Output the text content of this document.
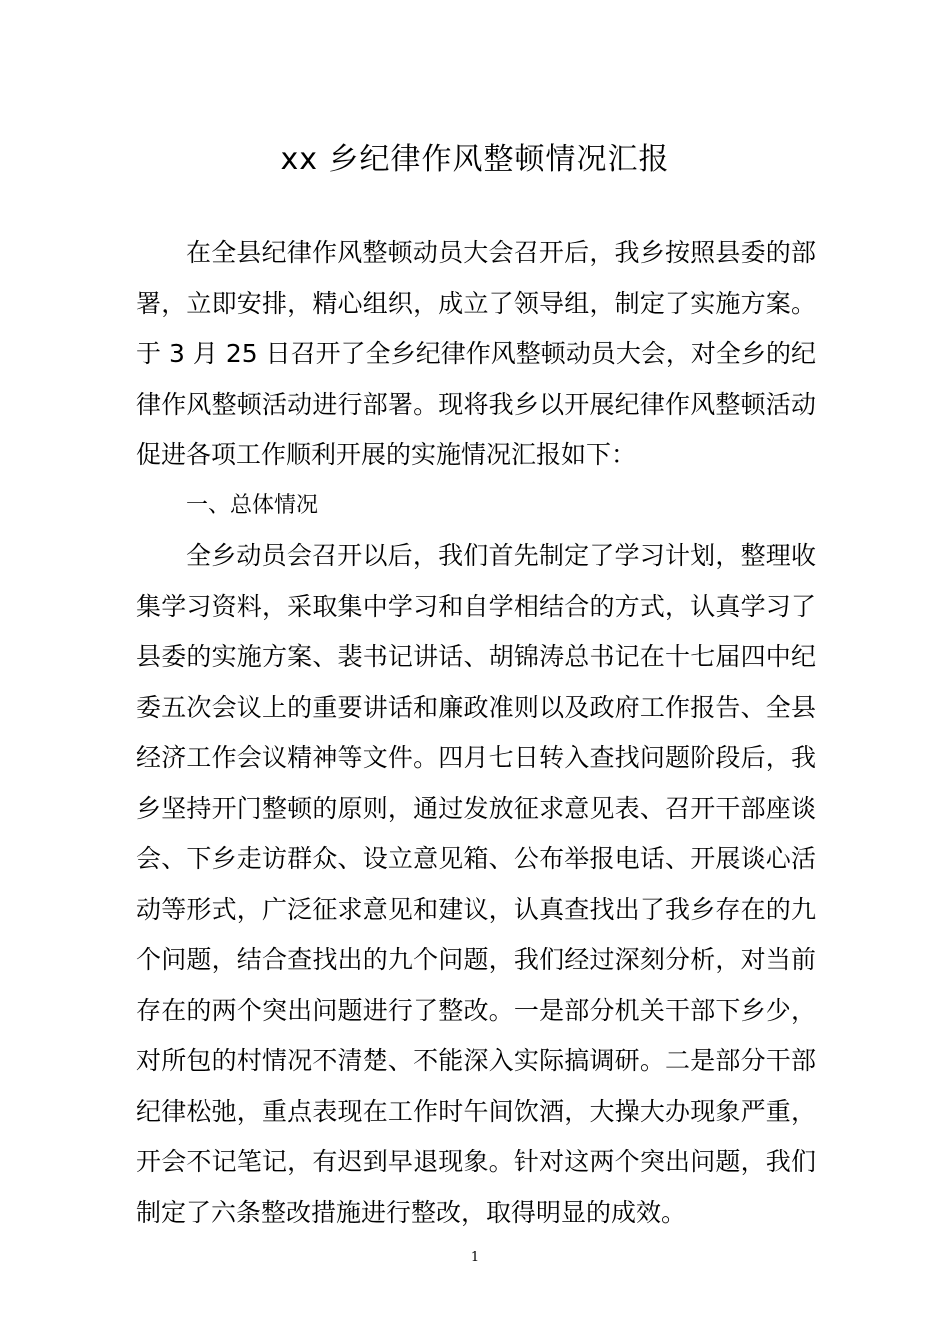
xx 乡纪律作风整顿情况汇报

在全县纪律作风整顿动员大会召开后，我乡按照县委的部署，立即安排，精心组织，成立了领导组，制定了实施方案。于 3 月 25 日召开了全乡纪律作风整顿动员大会，对全乡的纪律作风整顿活动进行部署。现将我乡以开展纪律作风整顿活动促进各项工作顺利开展的实施情况汇报如下：

一、总体情况

全乡动员会召开以后，我们首先制定了学习计划，整理收集学习资料，采取集中学习和自学相结合的方式，认真学习了县委的实施方案、裴书记讲话、胡锦涛总书记在十七届四中纪委五次会议上的重要讲话和廉政准则以及政府工作报告、全县经济工作会议精神等文件。四月七日转入查找问题阶段后，我乡坚持开门整顿的原则，通过发放征求意见表、召开干部座谈会、下乡走访群众、设立意见箱、公布举报电话、开展谈心活动等形式，广泛征求意见和建议，认真查找出了我乡存在的九个问题，结合查找出的九个问题，我们经过深刻分析，对当前存在的两个突出问题进行了整改。一是部分机关干部下乡少，对所包的村情况不清楚、不能深入实际搞调研。二是部分干部纪律松弛，重点表现在工作时午间饮酒，大操大办现象严重，开会不记笔记，有迟到早退现象。针对这两个突出问题，我们制定了六条整改措施进行整改，取得明显的成效。

1
